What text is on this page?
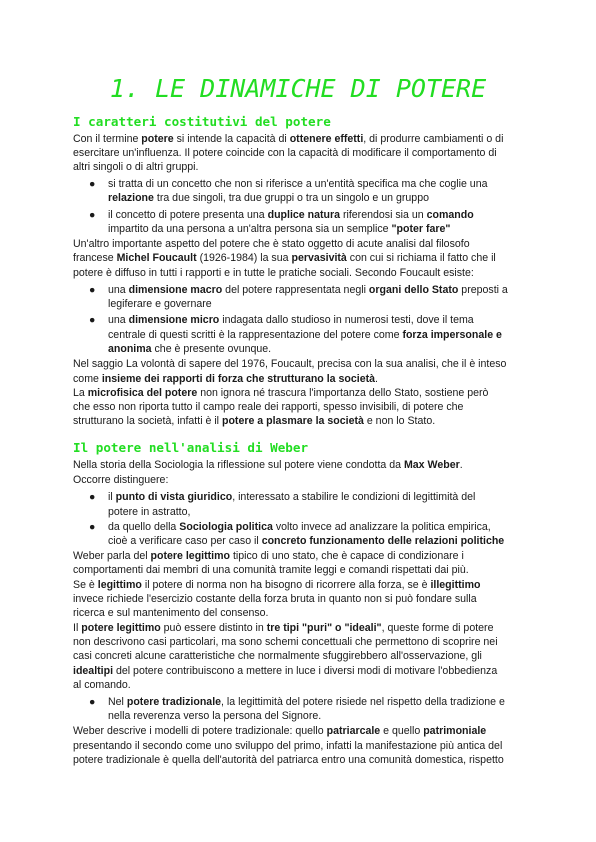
1. LE DINAMICHE DI POTERE
I caratteri costitutivi del potere

Con il termine potere si intende la capacità di ottenere effetti, di produrre cambiamenti o di

esercitare un'influenza. Il potere coincide con la capacità di modificare il comportamento di

altri singoli o di altri gruppi.

si tratta di un concetto che non si riferisce a un'entità specifica ma che coglie una

●

relazione tra due singoli, tra due gruppi o tra un singolo e un gruppo

il concetto di potere presenta una duplice natura riferendosi sia un comando

●

impartito da una persona a un'altra persona sia un semplice "poter fare"

Un'altro importante aspetto del potere che è stato oggetto di acute analisi dal filosofo

francese Michel Foucault (1926-1984) la sua pervasività con cui si richiama il fatto che il

potere è diffuso in tutti i rapporti e in tutte le pratiche sociali. Secondo Foucault esiste:

una dimensione macro del potere rappresentata negli organi dello Stato preposti a

●

legiferare e governare

una dimensione micro indagata dallo studioso in numerosi testi, dove il tema

●

centrale di questi scritti è la rappresentazione del potere come forza impersonale e

anonima che è presente ovunque.

Nel saggio La volontà di sapere del 1976, Foucault, precisa con la sua analisi, che il è inteso

come insieme dei rapporti di forza che strutturano la società.

La microfisica del potere non ignora né trascura l'importanza dello Stato, sostiene però

che esso non riporta tutto il campo reale dei rapporti, spesso invisibili, di potere che

strutturano la società, infatti è il potere a plasmare la società e non lo Stato.

Il potere nell'analisi di Weber

Nella storia della Sociologia la riflessione sul potere viene condotta da Max Weber.

Occorre distinguere:

il punto di vista giuridico, interessato a stabilire le condizioni di legittimità del

●

potere in astratto,

da quello della Sociologia politica volto invece ad analizzare la politica empirica,

●

cioè a verificare caso per caso il concreto funzionamento delle relazioni politiche

Weber parla del potere legittimo tipico di uno stato, che è capace di condizionare i

comportamenti dai membri di una comunità tramite leggi e comandi rispettati dai più.

Se è legittimo il potere di norma non ha bisogno di ricorrere alla forza, se è illegittimo

invece richiede l'esercizio costante della forza bruta in quanto non si può fondare sulla

ricerca e sul mantenimento del consenso.

Il potere legittimo può essere distinto in tre tipi "puri" o "ideali", queste forme di potere

non descrivono casi particolari, ma sono schemi concettuali che permettono di scoprire nei

casi concreti alcune caratteristiche che normalmente sfuggirebbero all'osservazione, gli

idealtipi del potere contribuiscono a mettere in luce i diversi modi di motivare l'obbedienza

al comando.

Nel potere tradizionale, la legittimità del potere risiede nel rispetto della tradizione e

●

nella reverenza verso la persona del Signore.

Weber descrive i modelli di potere tradizionale: quello patriarcale e quello patrimoniale

presentando il secondo come uno sviluppo del primo, infatti la manifestazione più antica del

potere tradizionale è quella dell'autorità del patriarca entro una comunità domestica, rispetto
